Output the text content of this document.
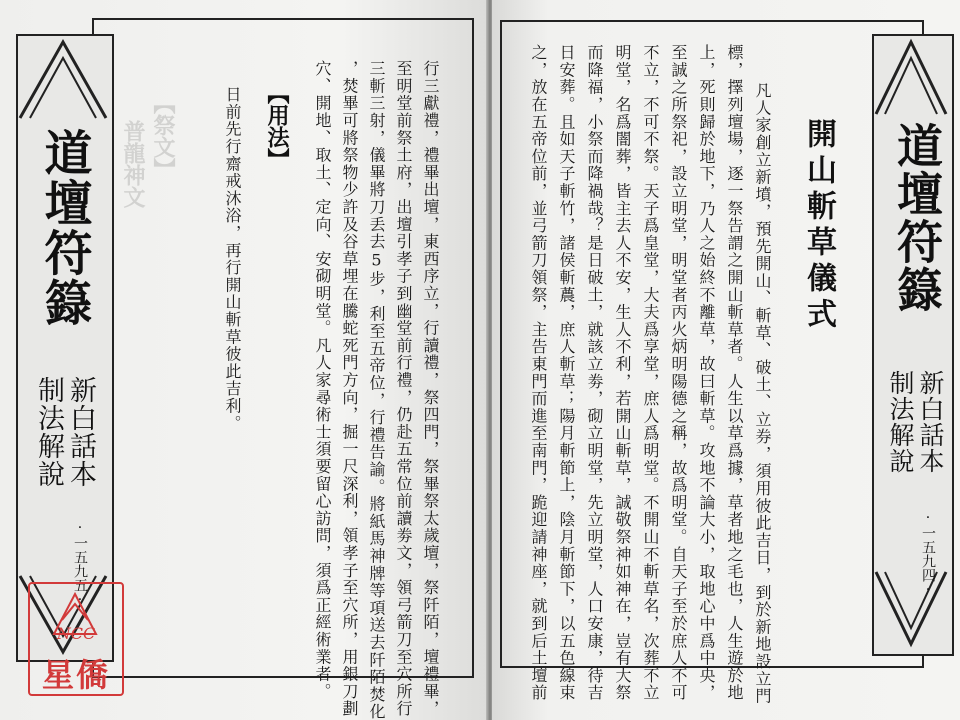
道壇符籙
新白話本
制法解說
·一五九五·
【祭文】
普龍神文	日前先行齋戒沐浴，再行開山斬草彼此吉利。 【用法】 穴、開地、取土、定向、安砌明堂。凡人家尋術士須要留心訪問，須爲正經術業者。 ，焚畢可將祭物少許及谷草埋在騰蛇死門方向，掘一尺深利，領孝子至穴所，用銀刀劃 三斬三射，儀畢將刀丢去5步，利至五帝位，行禮告諭。將紙馬神牌等項送去阡陌焚化 至明堂前祭土府，出壇引孝子到幽堂前行禮，仍赴五常位前讀劵文，領弓箭刀至穴所行 行三獻禮，禮畢出壇，東西序立，行讀禮，祭四門，祭畢祭太歲壇，祭阡陌，壇禮畢，
NCC
星僑	之，放在五帝位前，並弓箭刀領祭，主告東門而進至南門，跪迎請神座，就到后土壇前 日安葬。且如天子斬竹，諸侯斬蕽，庶人斬草；陽月斬節上，陰月斬節下，以五色線束 而降福，小祭而降禍哉？是日破土，就該立劵，砌立明堂，先立明堂，人口安康，待吉 明堂，名爲闇葬，皆主去人不安，生人不利，若開山斬草，誠敬祭神如神在，豈有大祭 不立，不可不祭。天子爲皇堂，大夫爲享堂，庶人爲明堂。不開山不斬草名，次葬不立 至誠之所祭祀，設立明堂，明堂者丙火炳明陽德之稱，故爲明堂。自天子至於庶人不可 上，死則歸於地下，乃人之始終不離草，故曰斬草。攻地不論大小，取地心中爲中央， 標，擇列壇場，逐一祭告謂之開山斬草者。人生以草爲據，草者地之毛也，人生遊於地 凡人家創立新墳，預先開山、斬草、破土、立券，須用彼此吉日，到於新地設立門 開山斬草儀式 道壇符籙
新白話本
制法解說
·一五九四·
